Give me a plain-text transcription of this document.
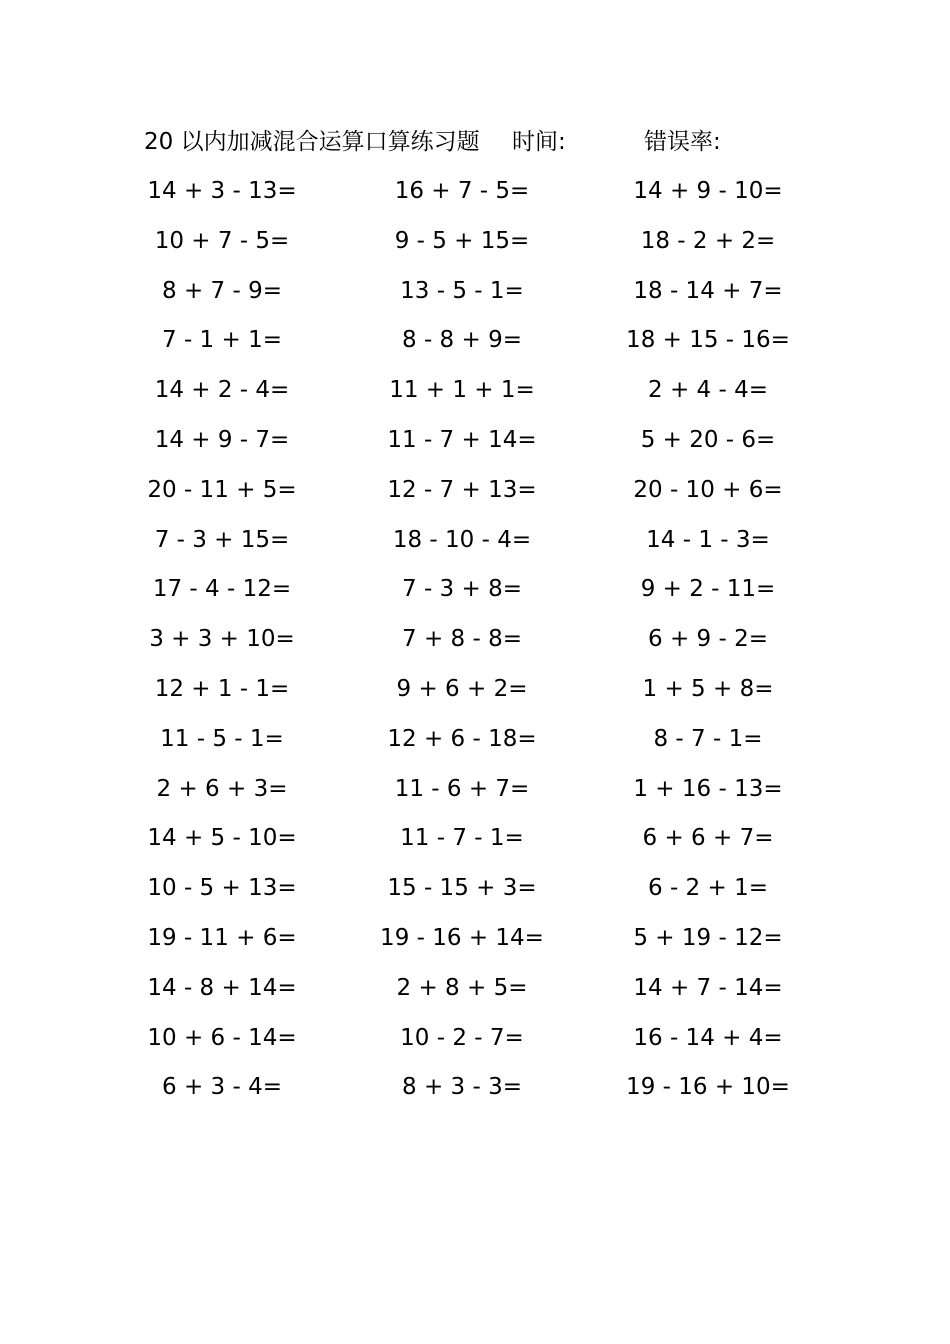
20 以内加减混合运算口算练习题 时间:	错误率:
14 + 3 - 13=	16 + 7 - 5=	14 + 9 - 10=
10 + 7 - 5=	9 - 5 + 15=	18 - 2 + 2=
8 + 7 - 9=	13 - 5 - 1=	18 - 14 + 7=
7 - 1 + 1=	8 - 8 + 9=	18 + 15 - 16=
14 + 2 - 4=	11 + 1 + 1=	2 + 4 - 4=
14 + 9 - 7=	11 - 7 + 14=	5 + 20 - 6=
20 - 11 + 5=	12 - 7 + 13=	20 - 10 + 6=
7 - 3 + 15=	18 - 10 - 4=	14 - 1 - 3=
17 - 4 - 12=	7 - 3 + 8=	9 + 2 - 11=
3 + 3 + 10=	7 + 8 - 8=	6 + 9 - 2=
12 + 1 - 1=	9 + 6 + 2=	1 + 5 + 8=
11 - 5 - 1=	12 + 6 - 18=	8 - 7 - 1=
2 + 6 + 3=	11 - 6 + 7=	1 + 16 - 13=
14 + 5 - 10=	11 - 7 - 1=	6 + 6 + 7=
10 - 5 + 13=	15 - 15 + 3=	6 - 2 + 1=
19 - 11 + 6=	19 - 16 + 14=	5 + 19 - 12=
14 - 8 + 14=	2 + 8 + 5=	14 + 7 - 14=
10 + 6 - 14=	10 - 2 - 7=	16 - 14 + 4=
6 + 3 - 4=	8 + 3 - 3=	19 - 16 + 10=
